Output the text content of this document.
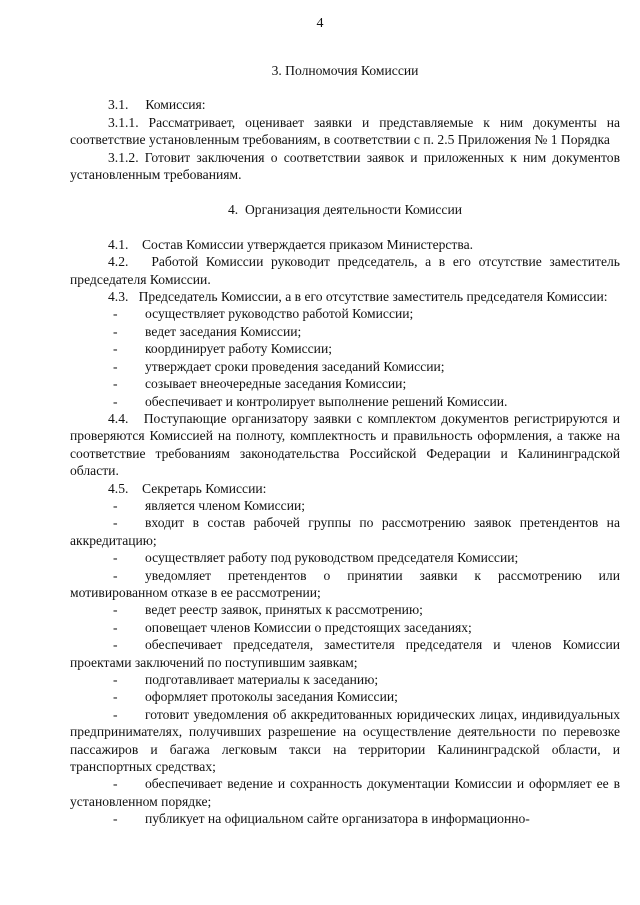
4

3. Полномочия Комиссии

3.1.     Комиссия:

3.1.1. Рассматривает, оценивает заявки и представляемые к ним документы на соответствие установленным требованиям, в соответствии с п. 2.5 Приложения № 1 Порядка

3.1.2. Готовит заключения о соответствии заявок и приложенных к ним документов установленным требованиям.

4.  Организация деятельности Комиссии

4.1.    Состав Комиссии утверждается приказом Министерства.

4.2.   Работой Комиссии руководит председатель, а в его отсутствие заместитель председателя Комиссии.

4.3.   Председатель Комиссии, а в его отсутствие заместитель председателя Комиссии:

- осуществляет руководство работой Комиссии;

- ведет заседания Комиссии;

- координирует работу Комиссии;

- утверждает сроки проведения заседаний Комиссии;

- созывает внеочередные заседания Комиссии;

- обеспечивает и контролирует выполнение решений Комиссии.

4.4.   Поступающие организатору заявки с комплектом документов регистрируются и проверяются Комиссией на полноту, комплектность и правильность оформления, а также на соответствие требованиям законодательства Российской Федерации и Калининградской области.

4.5.    Секретарь Комиссии:

- является членом Комиссии;

- входит в состав рабочей группы по рассмотрению заявок претендентов на аккредитацию;

- осуществляет работу под руководством председателя Комиссии;

- уведомляет претендентов о принятии заявки к рассмотрению или мотивированном отказе в ее рассмотрении;

- ведет реестр заявок, принятых к рассмотрению;

- оповещает членов Комиссии о предстоящих заседаниях;

- обеспечивает председателя, заместителя председателя и членов Комиссии проектами заключений по поступившим заявкам;

- подготавливает материалы к заседанию;

- оформляет протоколы заседания Комиссии;

- готовит уведомления об аккредитованных юридических лицах, индивидуальных предпринимателях, получивших разрешение на осуществление деятельности по перевозке пассажиров и багажа легковым такси на территории Калининградской области, и транспортных средствах;

- обеспечивает ведение и сохранность документации Комиссии и оформляет ее в установленном порядке;

- публикует на официальном сайте организатора в информационно-
